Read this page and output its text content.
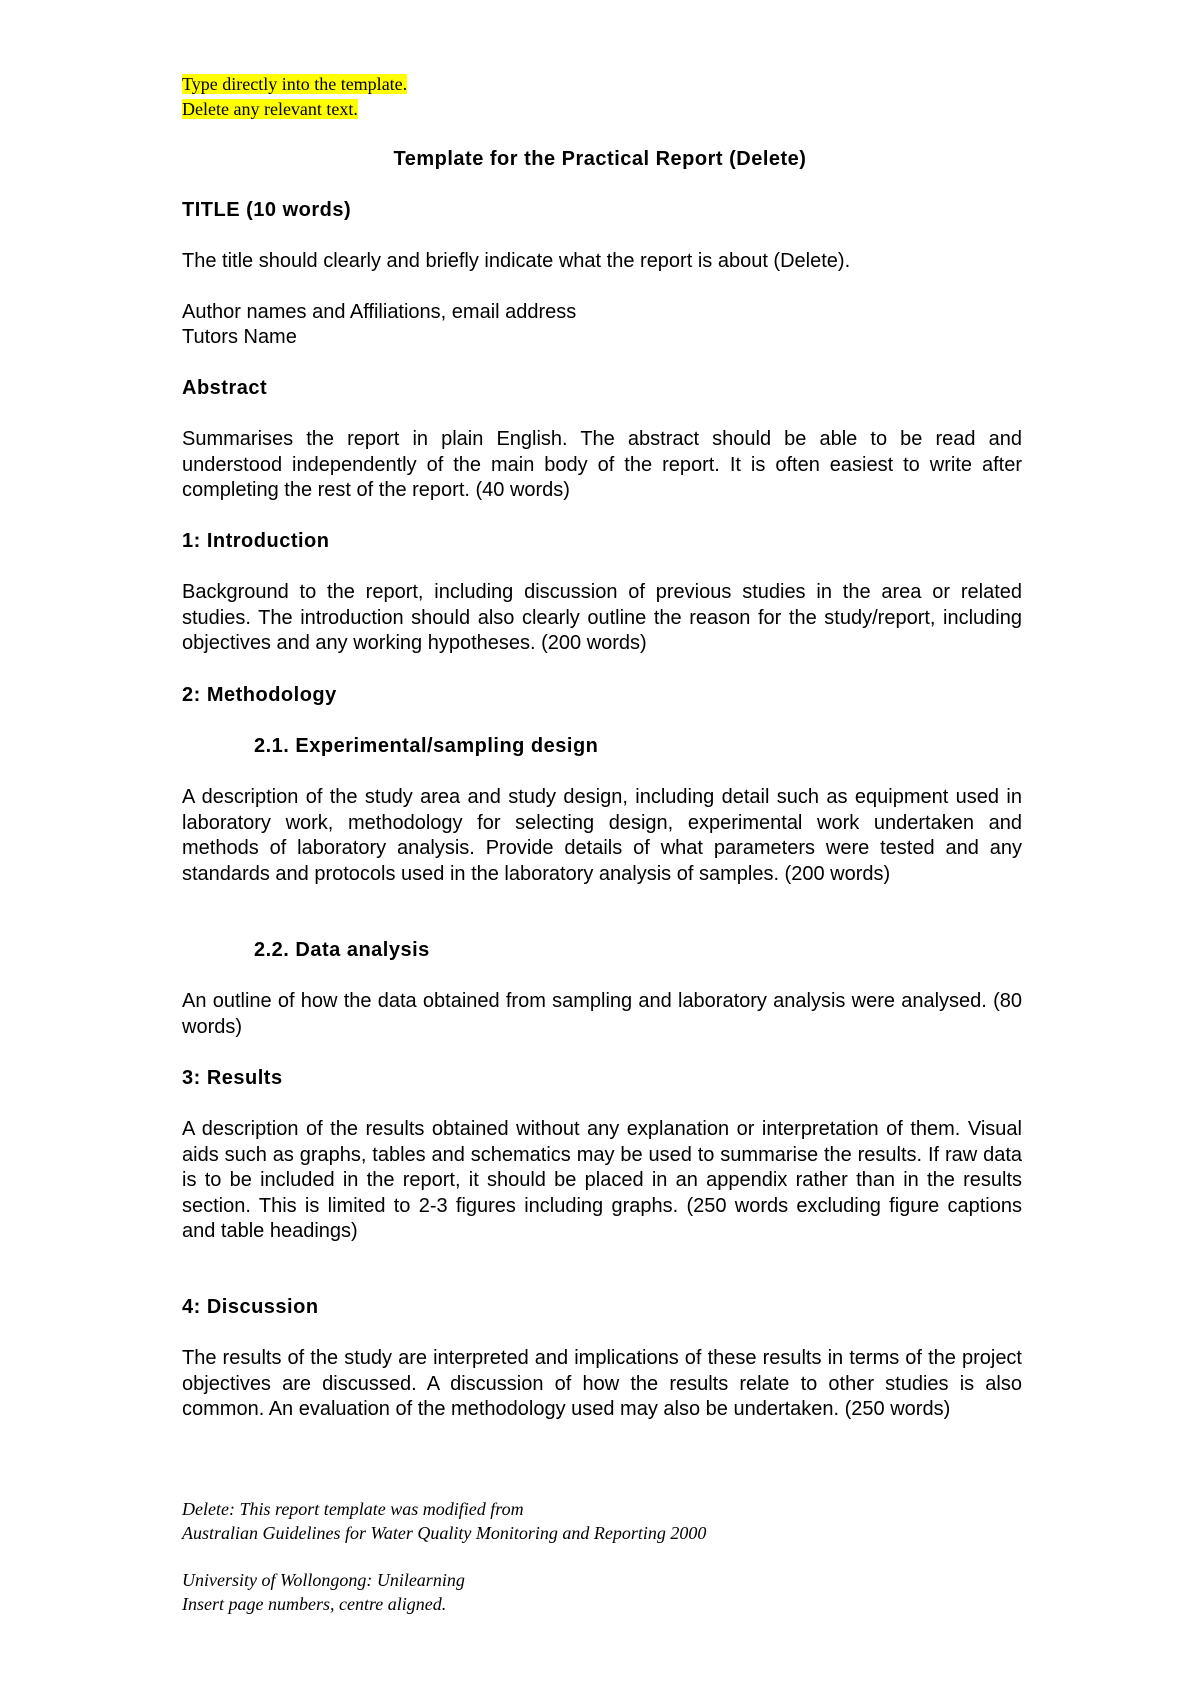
Type directly into the template.
Delete any relevant text.
Template for the Practical Report (Delete)
TITLE (10 words)
The title should clearly and briefly indicate what the report is about (Delete).
Author names and Affiliations, email address
Tutors Name
Abstract
Summarises the report in plain English. The abstract should be able to be read and understood independently of the main body of the report. It is often easiest to write after completing the rest of the report. (40 words)
1: Introduction
Background to the report, including discussion of previous studies in the area or related studies. The introduction should also clearly outline the reason for the study/report, including objectives and any working hypotheses. (200 words)
2: Methodology
2.1. Experimental/sampling design
A description of the study area and study design, including detail such as equipment used in laboratory work, methodology for selecting design, experimental work undertaken and methods of laboratory analysis. Provide details of what parameters were tested and any standards and protocols used in the laboratory analysis of samples. (200 words)
2.2. Data analysis
An outline of how the data obtained from sampling and laboratory analysis were analysed. (80 words)
3: Results
A description of the results obtained without any explanation or interpretation of them. Visual aids such as graphs, tables and schematics may be used to summarise the results. If raw data is to be included in the report, it should be placed in an appendix rather than in the results section. This is limited to 2-3 figures including graphs. (250 words excluding figure captions and table headings)
4: Discussion
The results of the study are interpreted and implications of these results in terms of the project objectives are discussed. A discussion of how the results relate to other studies is also common. An evaluation of the methodology used may also be undertaken. (250 words)
Delete: This report template was modified from
Australian Guidelines for Water Quality Monitoring and Reporting 2000
University of Wollongong: Unilearning
Insert page numbers, centre aligned.
